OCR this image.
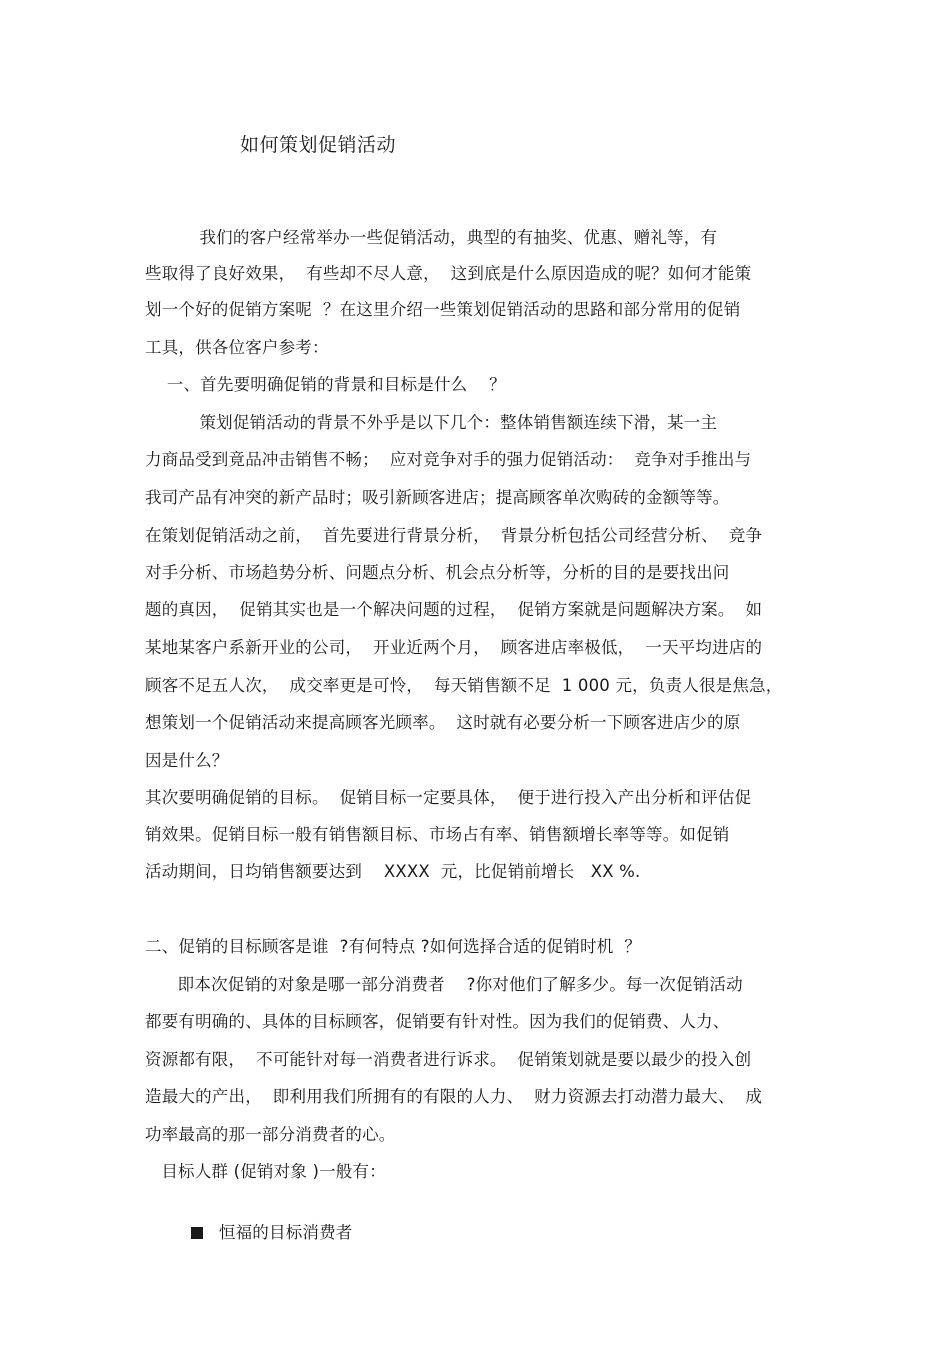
如何策划促销活动
我们的客户经常举办一些促销活动，典型的有抽奖、优惠、赠礼等，有
些取得了良好效果，  有些却不尽人意，  这到底是什么原因造成的呢？如何才能策
划一个好的促销方案呢  ？在这里介绍一些策划促销活动的思路和部分常用的促销
工具，供各位客户参考：
一、首先要明确促销的背景和目标是什么    ？
策划促销活动的背景不外乎是以下几个：整体销售额连续下滑，某一主
力商品受到竟品冲击销售不畅；  应对竞争对手的强力促销活动：  竞争对手推出与
我司产品有冲突的新产品时；吸引新顾客进店；提高顾客单次购砖的金额等等。
在策划促销活动之前，  首先要进行背景分析，  背景分析包括公司经营分析、  竞争
对手分析、市场趋势分析、问题点分析、机会点分析等，分析的目的是要找出问
题的真因，  促销其实也是一个解决问题的过程，  促销方案就是问题解决方案。  如
某地某客户系新开业的公司，  开业近两个月，  顾客进店率极低，  一天平均进店的
顾客不足五人次，  成交率更是可怜，  每天销售额不足  1 000 元，负责人很是焦急，
想策划一个促销活动来提高顾客光顾率。  这时就有必要分析一下顾客进店少的原
因是什么？
其次要明确促销的目标。  促销目标一定要具体，  便于进行投入产出分析和评估促
销效果。促销目标一般有销售额目标、市场占有率、销售额增长率等等。如促销
活动期间，日均销售额要达到    XXXX  元，比促销前增长   XX %.
二、促销的目标顾客是谁  ?有何特点 ?如何选择合适的促销时机  ？
即本次促销的对象是哪一部分消费者    ?你对他们了解多少。每一次促销活动
都要有明确的、具体的目标顾客，促销要有针对性。因为我们的促销费、人力、
资源都有限，  不可能针对每一消费者进行诉求。  促销策划就是要以最少的投入创
造最大的产出，  即利用我们所拥有的有限的人力、  财力资源去打动潜力最大、  成
功率最高的那一部分消费者的心。
目标人群 (促销对象 )一般有：

恒福的目标消费者
